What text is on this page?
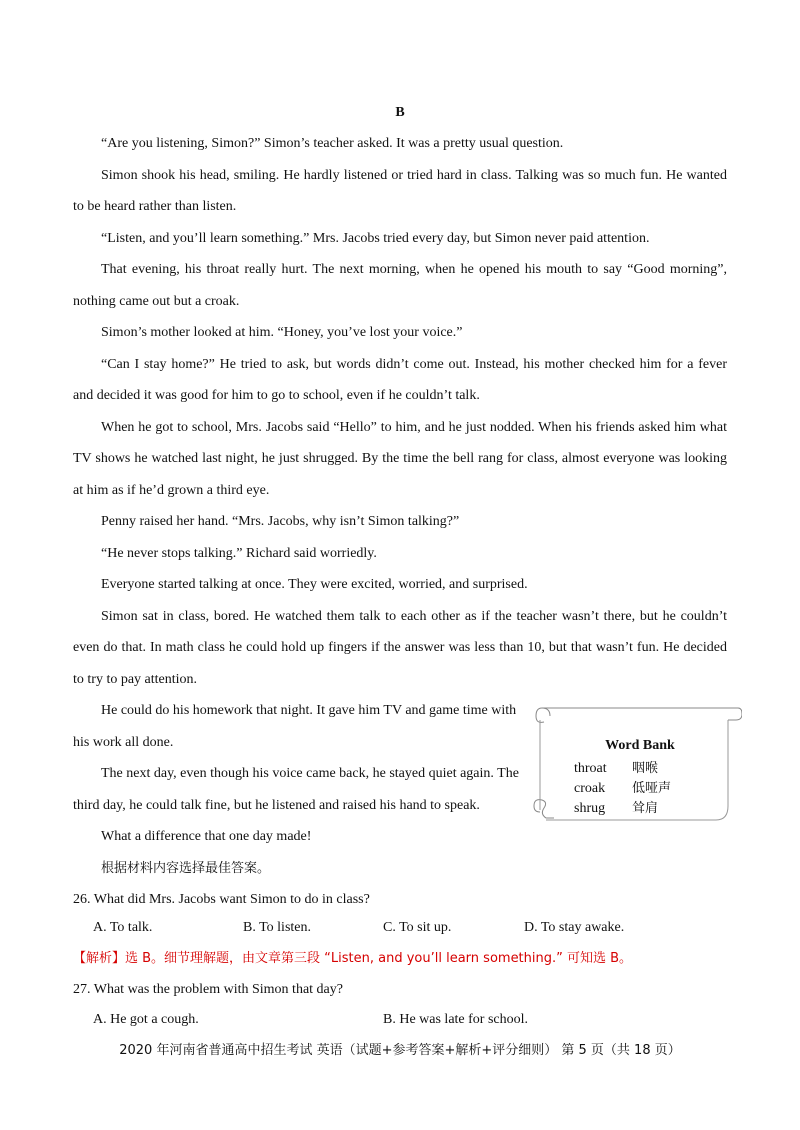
B
“Are you listening, Simon?” Simon’s teacher asked. It was a pretty usual question.
Simon shook his head, smiling. He hardly listened or tried hard in class. Talking was so much fun. He wanted
to be heard rather than listen.
“Listen, and you’ll learn something.” Mrs. Jacobs tried every day, but Simon never paid attention.
That evening, his throat really hurt. The next morning, when he opened his mouth to say “Good morning”,
nothing came out but a croak.
Simon’s mother looked at him. “Honey, you’ve lost your voice.”
“Can I stay home?” He tried to ask, but words didn’t come out. Instead, his mother checked him for a fever
and decided it was good for him to go to school, even if he couldn’t talk.
When he got to school, Mrs. Jacobs said “Hello” to him, and he just nodded. When his friends asked him what
TV shows he watched last night, he just shrugged. By the time the bell rang for class, almost everyone was looking
at him as if he’d grown a third eye.
Penny raised her hand. “Mrs. Jacobs, why isn’t Simon talking?”
“He never stops talking.” Richard said worriedly.
Everyone started talking at once. They were excited, worried, and surprised.
Simon sat in class, bored. He watched them talk to each other as if the teacher wasn’t there, but he couldn’t
even do that. In math class he could hold up fingers if the answer was less than 10, but that wasn’t fun. He decided
to try to pay attention.
He could do his homework that night. It gave him TV and game time with
his work all done.
The next day, even though his voice came back, he stayed quiet again. The
third day, he could talk fine, but he listened and raised his hand to speak.
What a difference that one day made!
Word Bank
throat 咽喉
croak 低哑声
shrug 耸肩
根据材料内容选择最佳答案。
26. What did Mrs. Jacobs want Simon to do in class?
A. To talk.	B. To listen.	C. To sit up.	D. To stay awake.
【解析】选 B。细节理解题，由文章第三段 “Listen, and you’ll learn something.” 可知选 B。
27. What was the problem with Simon that day?
A. He got a cough.	B. He was late for school.
2020 年河南省普通高中招生考试 英语（试题+参考答案+解析+评分细则） 第 5 页（共 18 页）
